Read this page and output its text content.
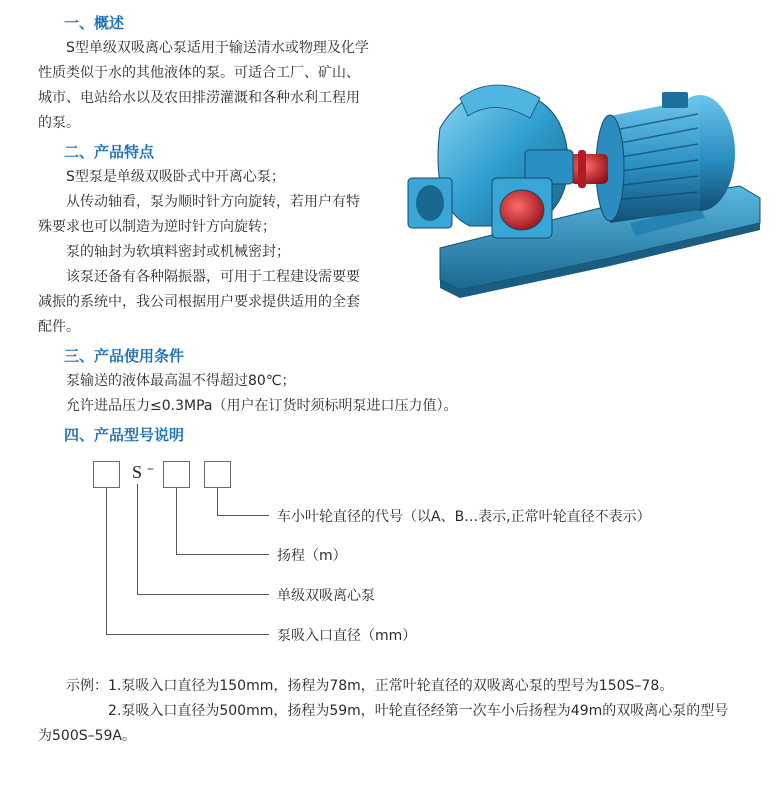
一、概述
S型单级双吸离心泵适用于输送清水或物理及化学
性质类似于水的其他液体的泵。可适合工厂、矿山、
城市、电站给水以及农田排涝灌溉和各种水利工程用
的泵。
二、产品特点
S型泵是单级双吸卧式中开离心泵；
从传动轴看，泵为顺时针方向旋转，若用户有特
殊要求也可以制造为逆时针方向旋转；
泵的轴封为软填料密封或机械密封；
该泵还备有各种隔振器，可用于工程建设需要要
减振的系统中，我公司根据用户要求提供适用的全套
配件。
三、产品使用条件
泵输送的液体最高温不得超过80℃；
允许进品压力≤0.3MPa（用户在订货时须标明泵进口压力值）。
四、产品型号说明
S –
车小叶轮直径的代号（以A、B…表示,正常叶轮直径不表示）
扬程（m）
单级双吸离心泵
泵吸入口直径（mm）
示例：1.泵吸入口直径为150mm，扬程为78m，正常叶轮直径的双吸离心泵的型号为150S–78。
2.泵吸入口直径为500mm，扬程为59m，叶轮直径经第一次车小后扬程为49m的双吸离心泵的型号
为500S–59A。
